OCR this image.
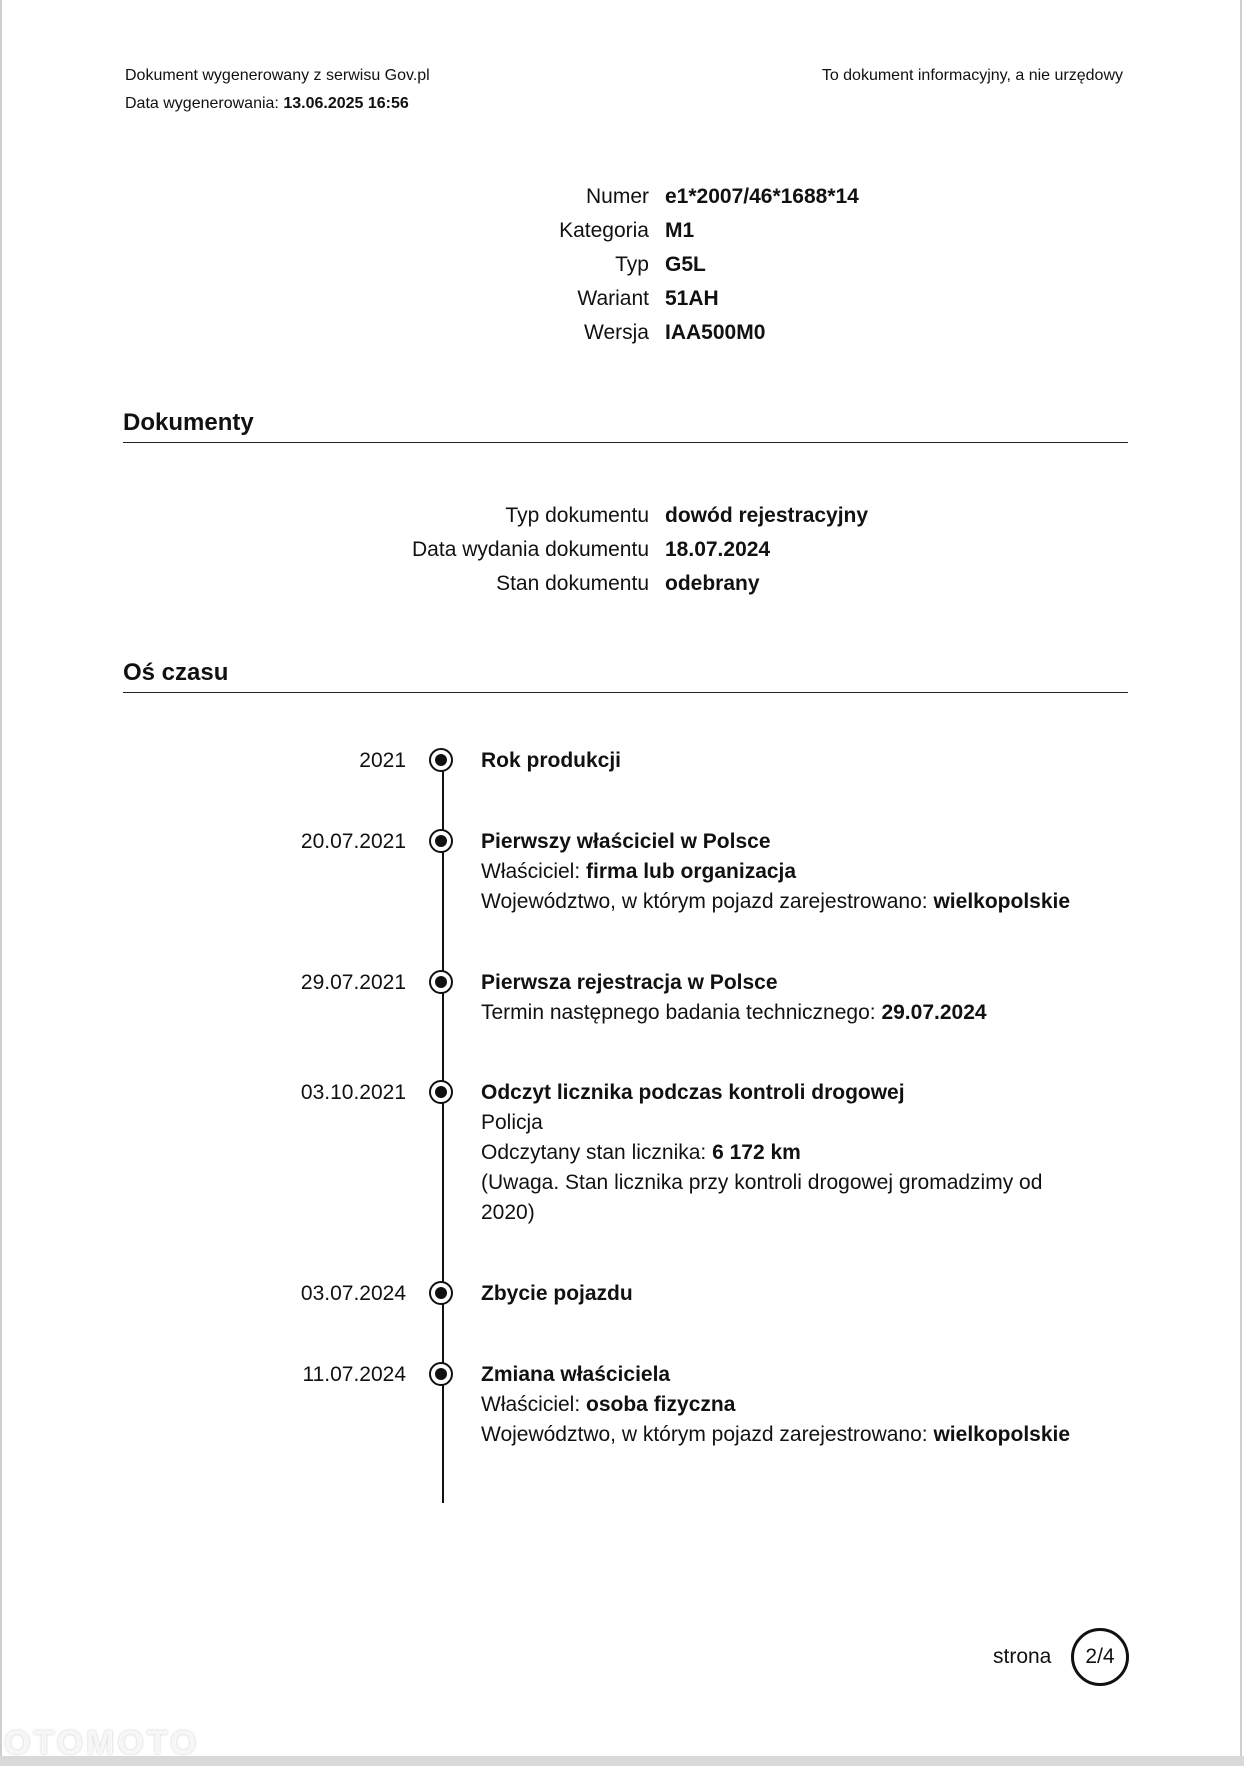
Dokument wygenerowany z serwisu Gov.pl
Data wygenerowania: 13.06.2025 16:56
To dokument informacyjny, a nie urzędowy
Numer e1*2007/46*1688*14
Kategoria M1
Typ G5L
Wariant 51AH
Wersja IAA500M0
Dokumenty
Typ dokumentu dowód rejestracyjny
Data wydania dokumentu 18.07.2024
Stan dokumentu odebrany
Oś czasu
2021	Rok produkcji
20.07.2021	Pierwszy właściciel w Polsce
Właściciel: firma lub organizacja
Województwo, w którym pojazd zarejestrowano: wielkopolskie
29.07.2021	Pierwsza rejestracja w Polsce
Termin następnego badania technicznego: 29.07.2024
03.10.2021	Odczyt licznika podczas kontroli drogowej
Policja
Odczytany stan licznika: 6 172 km
(Uwaga. Stan licznika przy kontroli drogowej gromadzimy od 2020)
03.07.2024	Zbycie pojazdu
11.07.2024	Zmiana właściciela
Właściciel: osoba fizyczna
Województwo, w którym pojazd zarejestrowano: wielkopolskie
strona	2/4
OTOMOTO
